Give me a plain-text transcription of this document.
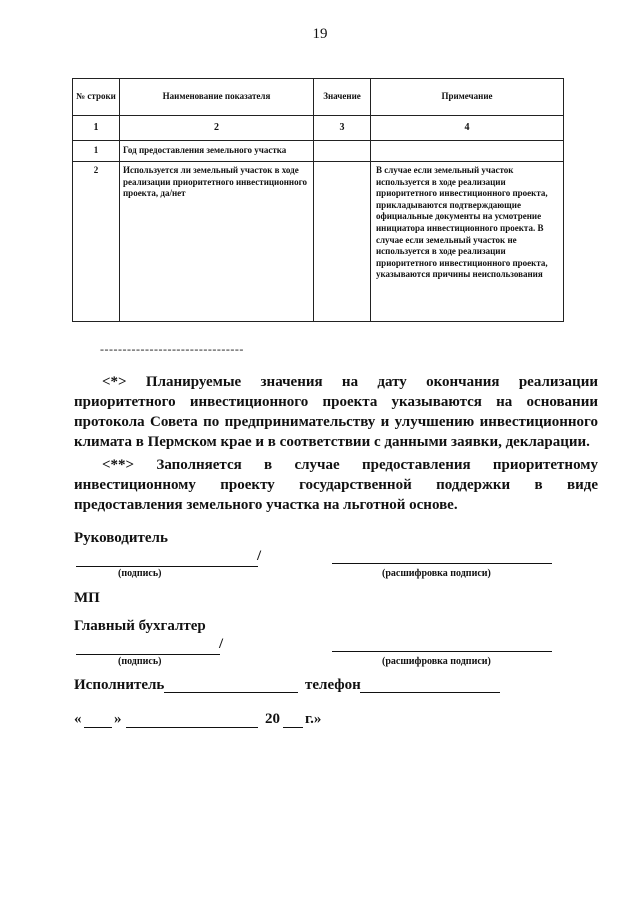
19
№ строки	Наименование показателя	Значение	Примечание
1	2	3	4
1	Год предоставления земельного участка		
2	Используется ли земельный участок в ходе реализации приоритетного инвестиционного проекта, да/нет		В случае если земельный участок используется в ходе реализации приоритетного инвестиционного проекта, прикладываются подтверждающие официальные документы на усмотрение инициатора инвестиционного проекта. В случае если земельный участок не используется в ходе реализации приоритетного инвестиционного проекта, указываются причины неиспользования
--------------------------------
<*> Планируемые значения на дату окончания реализации приоритетного инвестиционного проекта указываются на основании протокола Совета по предпринимательству и улучшению инвестиционного климата в Пермском крае и в соответствии с данными заявки, декларации.
<**> Заполняется в случае предоставления приоритетному инвестиционному проекту государственной поддержки в виде предоставления земельного участка на льготной основе.
Руководитель
/
(подпись)	(расшифровка подписи)
МП
Главный бухгалтер
/
(подпись)	(расшифровка подписи)
Исполнитель	телефон
« »	20 г.»
